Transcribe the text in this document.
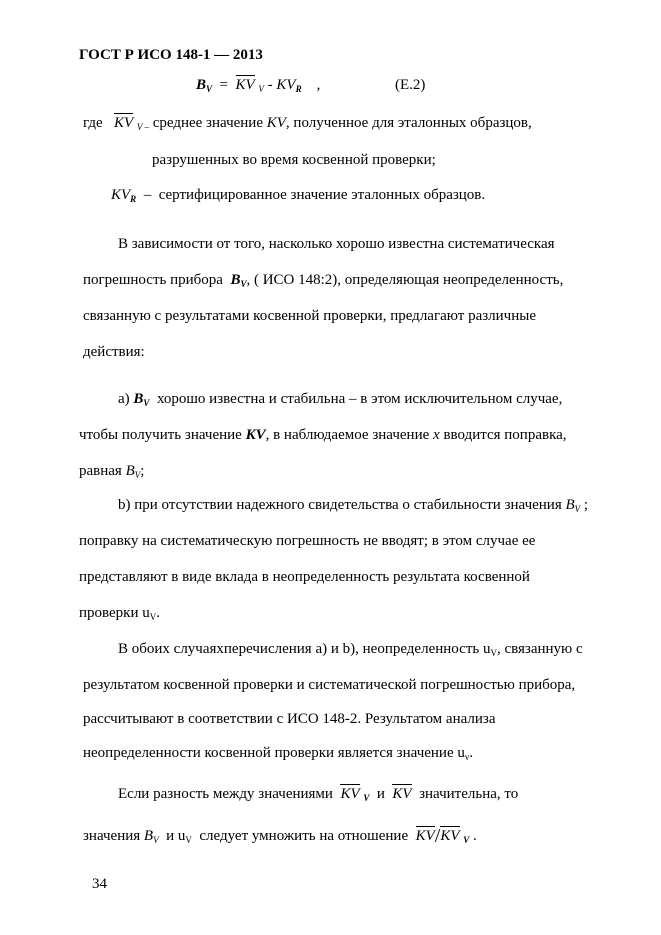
ГОСТ Р ИСО 148-1 — 2013
$B_V$ = KV $_V - KV_R$ ,	(E.2)
где KV $_{V -}$ среднее значение KV, полученное для эталонных образцов,
разрушенных во время косвенной проверки;
$KV_R$ – сертифицированное значение эталонных образцов.
В зависимости от того, насколько хорошо известна систематическая
погрешность прибора $B_V$, ( ИСО 148:2), определяющая неопределенность,
связанную с результатами косвенной проверки, предлагают различные
действия:
a) $B_V$ хорошо известна и стабильна – в этом исключительном случае,
чтобы получить значение KV, в наблюдаемое значение x вводится поправка,
равная $B_V$;
b) при отсутствии надежного свидетельства о стабильности значения $B_V$ ;
поправку на систематическую погрешность не вводят; в этом случае ее
представляют в виде вклада в неопределенность результата косвенной
проверки $u_V$.
В обоих случаяхперечисления a) и b), неопределенность $u_V$, связанную с
результатом косвенной проверки и систематической погрешностью прибора,
рассчитывают в соответствии с ИСО 148-2. Результатом анализа
неопределенности косвенной проверки является значение $u_v$.
Если разность между значениями KV $_V$ и KV значительна, то
значения $B_V$ и $u_V$ следует умножить на отношение KV/KV $_V$ .
34
